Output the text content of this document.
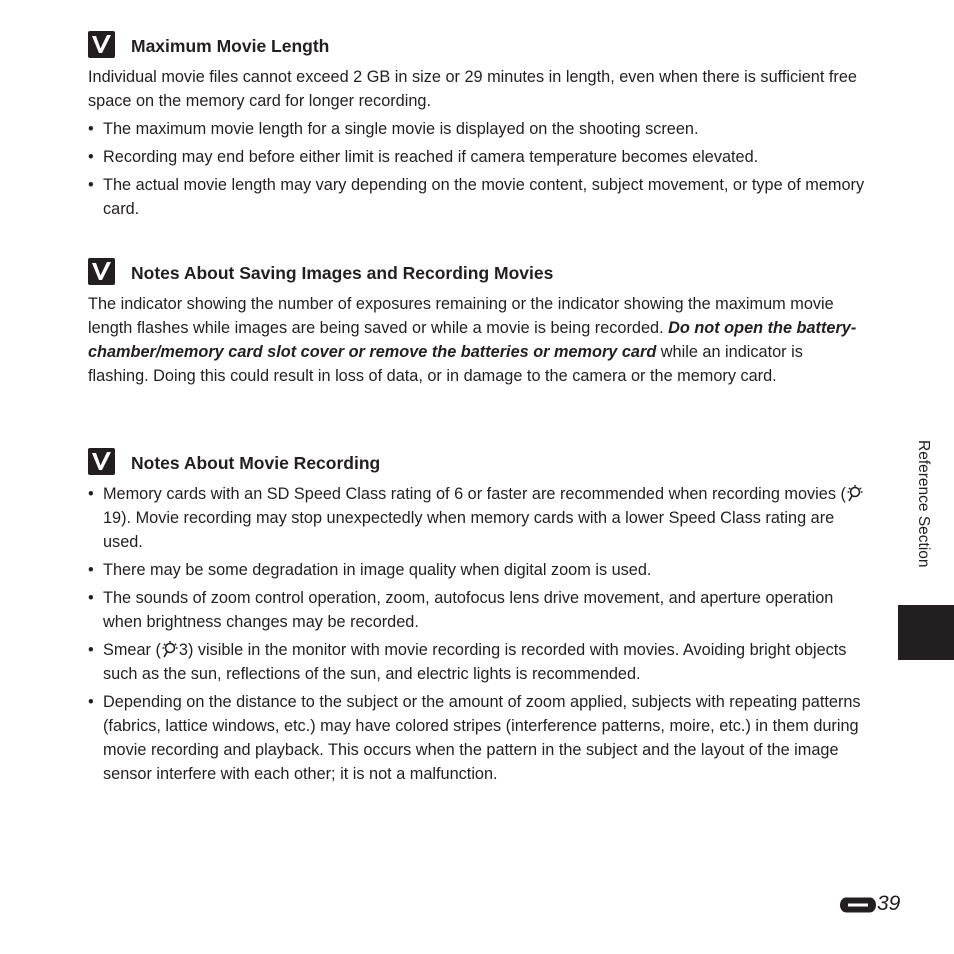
Maximum Movie Length

Individual movie files cannot exceed 2 GB in size or 29 minutes in length, even when there is sufficient free space on the memory card for longer recording.

• The maximum movie length for a single movie is displayed on the shooting screen.
• Recording may end before either limit is reached if camera temperature becomes elevated.
• The actual movie length may vary depending on the movie content, subject movement, or type of memory card.
Notes About Saving Images and Recording Movies

The indicator showing the number of exposures remaining or the indicator showing the maximum movie length flashes while images are being saved or while a movie is being recorded. Do not open the battery-chamber/memory card slot cover or remove the batteries or memory card while an indicator is flashing. Doing this could result in loss of data, or in damage to the camera or the memory card.

Notes About Movie Recording
• Memory cards with an SD Speed Class rating of 6 or faster are recommended when recording movies (19). Movie recording may stop unexpectedly when memory cards with a lower Speed Class rating are used.
• There may be some degradation in image quality when digital zoom is used.
• The sounds of zoom control operation, zoom, autofocus lens drive movement, and aperture operation when brightness changes may be recorded.
• Smear ( 3) visible in the monitor with movie recording is recorded with movies. Avoiding bright objects such as the sun, reflections of the sun, and electric lights is recommended.
• Depending on the distance to the subject or the amount of zoom applied, subjects with repeating patterns (fabrics, lattice windows, etc.) may have colored stripes (interference patterns, moire, etc.) in them during movie recording and playback. This occurs when the pattern in the subject and the layout of the image sensor interfere with each other; it is not a malfunction.
Reference Section
39
